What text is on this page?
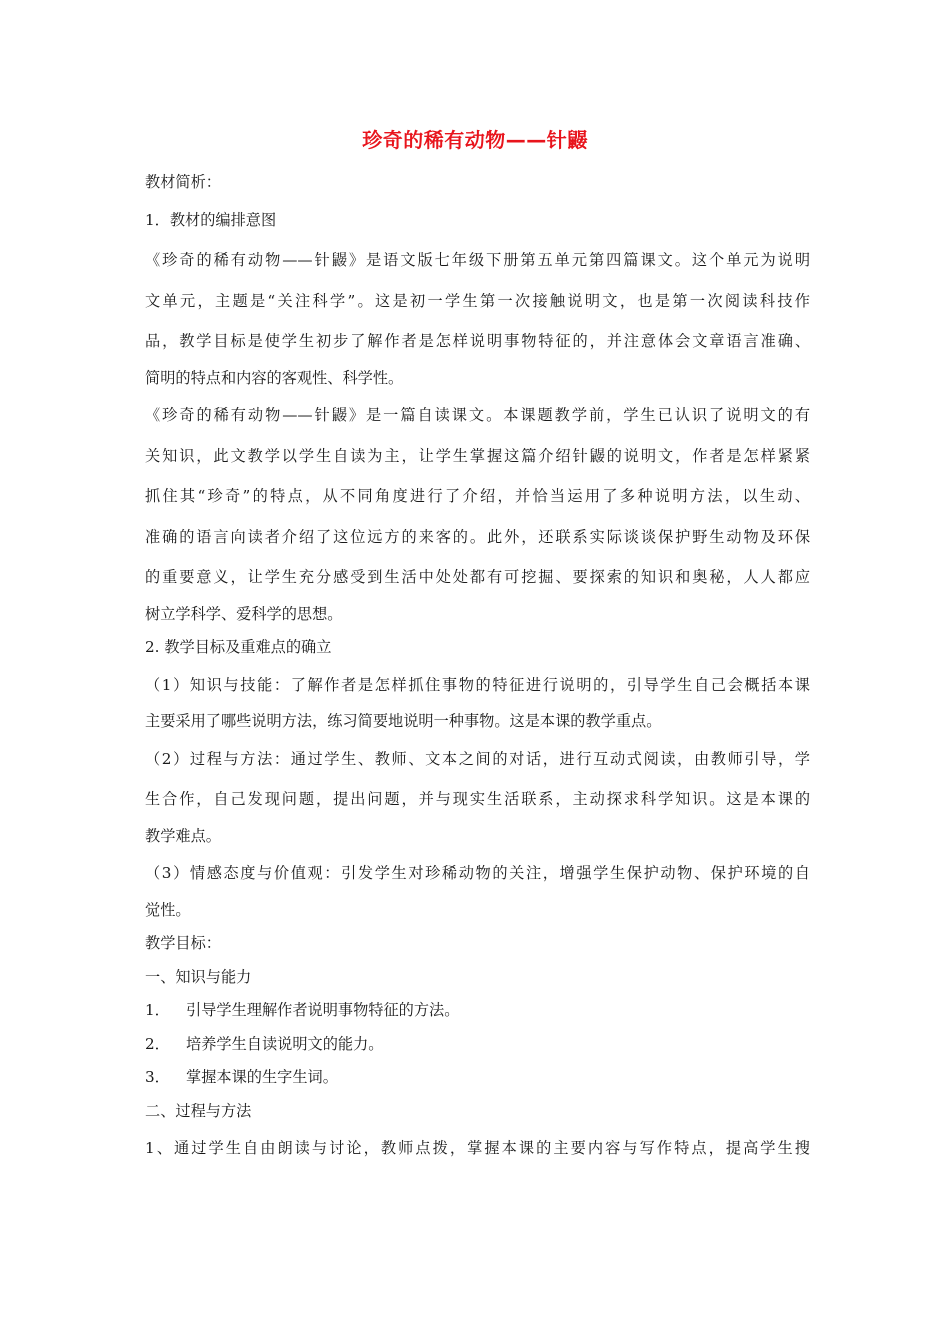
珍奇的稀有动物——针鼹
教材简析：
1．教材的编排意图
《珍奇的稀有动物——针鼹》是语文版七年级下册第五单元第四篇课文。这个单元为说明
文单元，主题是“关注科学”。这是初一学生第一次接触说明文，也是第一次阅读科技作
品，教学目标是使学生初步了解作者是怎样说明事物特征的，并注意体会文章语言准确、
简明的特点和内容的客观性、科学性。
《珍奇的稀有动物——针鼹》是一篇自读课文。本课题教学前，学生已认识了说明文的有
关知识，此文教学以学生自读为主，让学生掌握这篇介绍针鼹的说明文，作者是怎样紧紧
抓住其“珍奇”的特点，从不同角度进行了介绍，并恰当运用了多种说明方法，以生动、
准确的语言向读者介绍了这位远方的来客的。此外，还联系实际谈谈保护野生动物及环保
的重要意义，让学生充分感受到生活中处处都有可挖掘、要探索的知识和奥秘，人人都应
树立学科学、爱科学的思想。
2. 教学目标及重难点的确立
（1）知识与技能：了解作者是怎样抓住事物的特征进行说明的，引导学生自己会概括本课
主要采用了哪些说明方法，练习简要地说明一种事物。这是本课的教学重点。
（2）过程与方法：通过学生、教师、文本之间的对话，进行互动式阅读，由教师引导，学
生合作，自己发现问题，提出问题，并与现实生活联系，主动探求科学知识。这是本课的
教学难点。
（3）情感态度与价值观：引发学生对珍稀动物的关注，增强学生保护动物、保护环境的自
觉性。
教学目标：
一、知识与能力
1． 引导学生理解作者说明事物特征的方法。
2． 培养学生自读说明文的能力。
3． 掌握本课的生字生词。
二、过程与方法
1、通过学生自由朗读与讨论，教师点拨，掌握本课的主要内容与写作特点，提高学生搜
